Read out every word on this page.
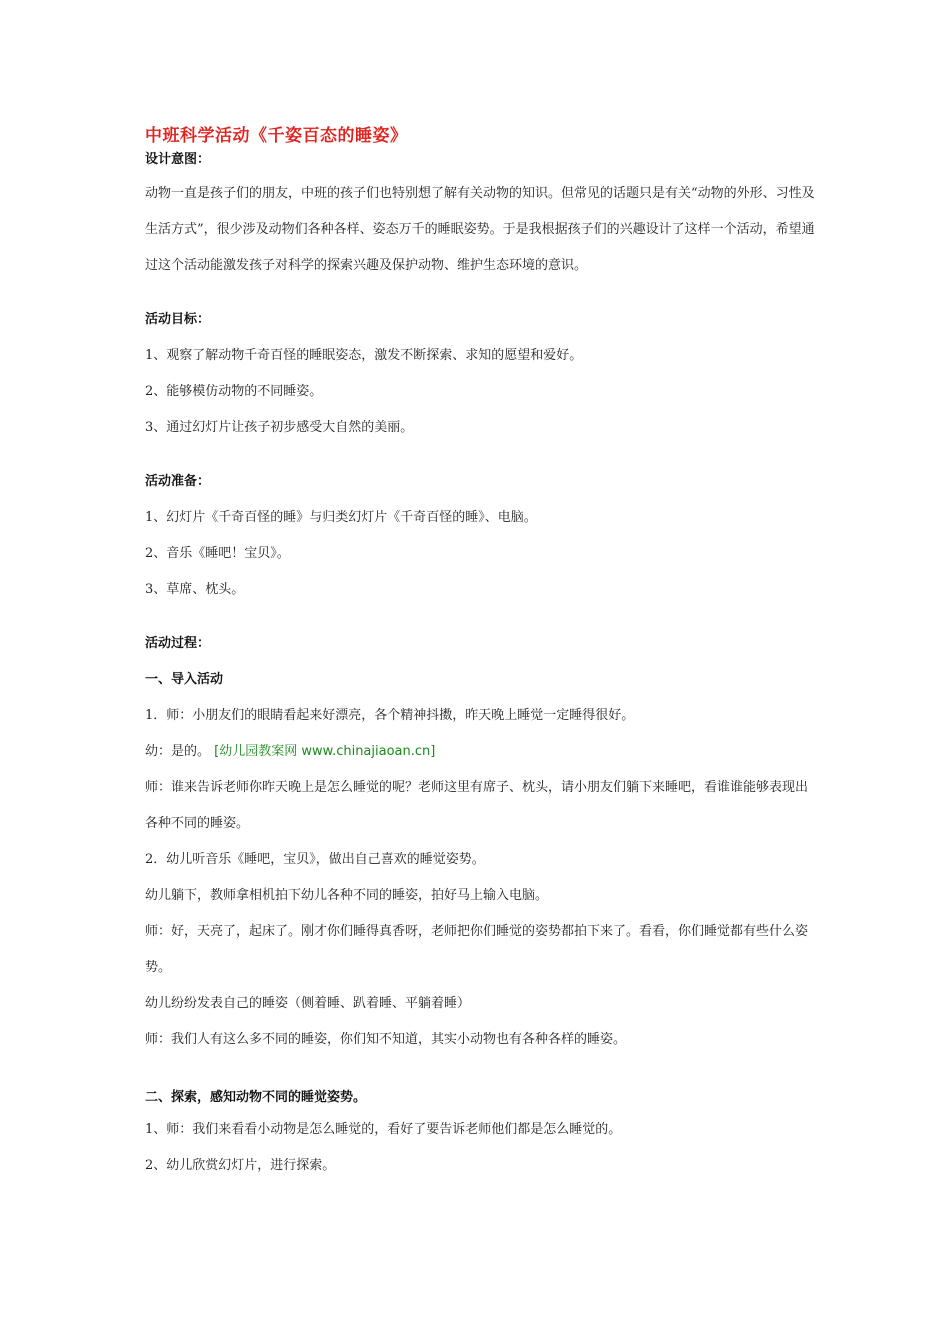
中班科学活动《千姿百态的睡姿》

设计意图：

动物一直是孩子们的朋友，中班的孩子们也特别想了解有关动物的知识。但常见的话题只是有关“动物的外形、习性及生活方式”，很少涉及动物们各种各样、姿态万千的睡眠姿势。于是我根据孩子们的兴趣设计了这样一个活动，希望通过这个活动能激发孩子对科学的探索兴趣及保护动物、维护生态环境的意识。

活动目标：

1、观察了解动物千奇百怪的睡眠姿态，激发不断探索、求知的愿望和爱好。

2、能够模仿动物的不同睡姿。

3、通过幻灯片让孩子初步感受大自然的美丽。

活动准备：

1、幻灯片《千奇百怪的睡》与归类幻灯片《千奇百怪的睡》、电脑。

2、音乐《睡吧！宝贝》。

3、草席、枕头。

活动过程：

一、导入活动

1．师：小朋友们的眼睛看起来好漂亮，各个精神抖擞，昨天晚上睡觉一定睡得很好。

幼：是的。 [幼儿园教案网 www.chinajiaoan.cn]

师：谁来告诉老师你昨天晚上是怎么睡觉的呢？老师这里有席子、枕头，请小朋友们躺下来睡吧，看谁谁能够表现出各种不同的睡姿。

2．幼儿听音乐《睡吧，宝贝》，做出自己喜欢的睡觉姿势。

幼儿躺下，教师拿相机拍下幼儿各种不同的睡姿，拍好马上输入电脑。

师：好，天亮了，起床了。刚才你们睡得真香呀，老师把你们睡觉的姿势都拍下来了。看看，你们睡觉都有些什么姿势。

幼儿纷纷发表自己的睡姿（侧着睡、趴着睡、平躺着睡）

师：我们人有这么多不同的睡姿，你们知不知道，其实小动物也有各种各样的睡姿。

二、探索，感知动物不同的睡觉姿势。

1、师：我们来看看小动物是怎么睡觉的，看好了要告诉老师他们都是怎么睡觉的。

2、幼儿欣赏幻灯片，进行探索。
